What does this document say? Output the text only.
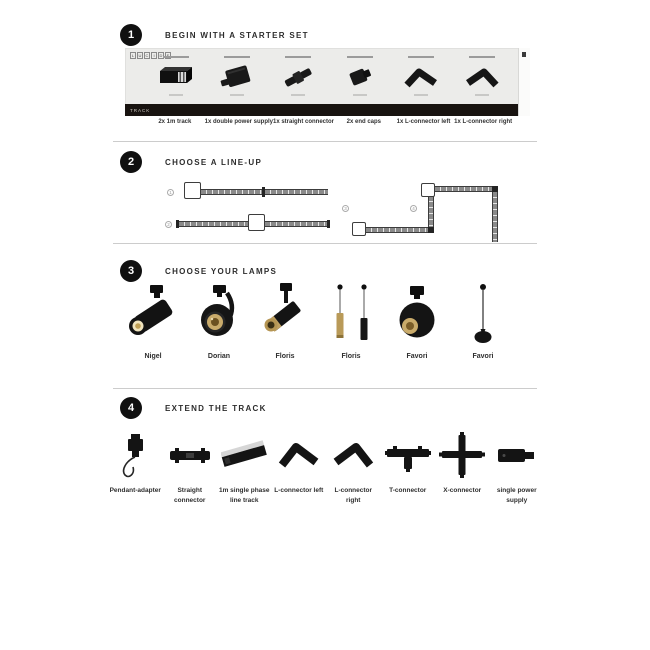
1	BEGIN WITH A STARTER SET
L	U	C	I	D
TRACK
2x 1m track	1x double power supply 1x straight connector	2x end caps	1x L-connector left 1x L-connector right
2	CHOOSE A LINE-UP
1
2
3	4
3	CHOOSE YOUR LAMPS
Nigel	Dorian	Floris	Floris	Favori	Favori
4	EXTEND THE TRACK
Pendant-adapter	Straight connector
1m single phase line track
L-connector left	L-connector right
T-connector	X-connector	single power supply
